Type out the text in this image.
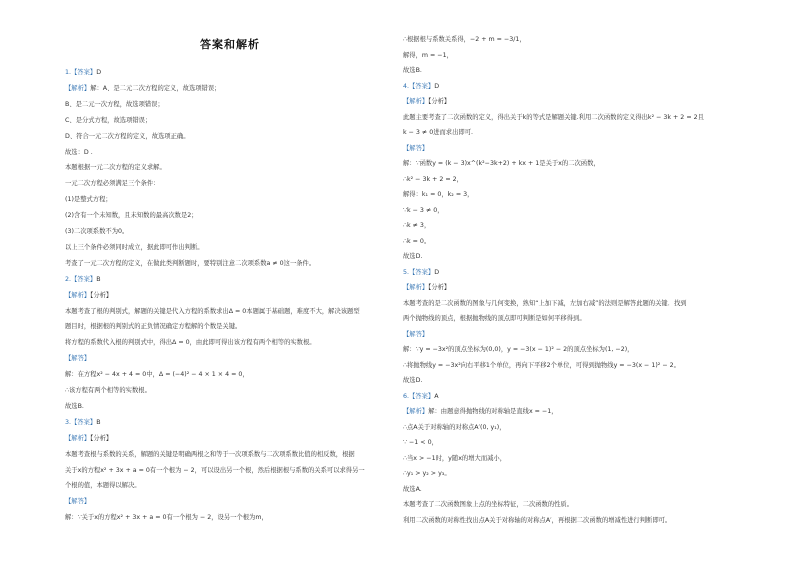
答案和解析
1.【答案】D
【解析】解：A、是二元二次方程的定义，故选项错误；
B、是二元一次方程，故选项错误；
C、是分式方程，故选项错误；
D、符合一元二次方程的定义，故选项正确。
故选：D .
本题根据一元二次方程的定义求解。
一元二次方程必须满足三个条件：
(1)是整式方程；
(2)含有一个未知数，且未知数的最高次数是2；
(3)二次项系数不为0。
以上三个条件必须同时成立，据此即可作出判断。
考查了一元二次方程的定义，在做此类判断题时，要特别注意二次项系数a ≠ 0这一条件。
2.【答案】B
【解析】【分析】
本题考查了根的判别式，解题的关键是代入方程的系数求出Δ = 0本题属于基础题，难度不大，解决该题型
题目时，根据根的判别式的正负情况确定方程解的个数是关键。
将方程的系数代入根的判别式中，得出Δ = 0，由此即可得出该方程有两个相等的实数根。
【解答】
解：在方程x² − 4x + 4 = 0中，Δ = (−4)² − 4 × 1 × 4 = 0，
∴该方程有两个相等的实数根。
故选B.
3.【答案】B
【解析】【分析】
本题考查根与系数的关系，解题的关键是明确两根之和等于一次项系数与二次项系数比值的相反数，根据
关于x的方程x² + 3x + a = 0有一个根为 − 2，可以设出另一个根，然后根据根与系数的关系可以求得另一
个根的值，本题得以解决。
【解答】
解：∵关于x的方程x² + 3x + a = 0有一个根为 − 2，设另一个根为m，
∴根据根与系数关系得，−2 + m = −3/1，
解得，m = −1，
故选B.
4.【答案】D
【解析】【分析】
此题主要考查了二次函数的定义，得出关于k的等式是解题关键.利用二次函数的定义得出k² − 3k + 2 = 2且
k − 3 ≠ 0进而求出即可.
【解答】
解：∵函数y = (k − 3)x^(k²−3k+2) + kx + 1是关于x的二次函数，
∴k² − 3k + 2 = 2，
解得：k₁ = 0，k₂ = 3，
∵k − 3 ≠ 0，
∴k ≠ 3，
∴k = 0。
故选D.
5.【答案】D
【解析】【分析】
本题考查的是二次函数的图象与几何变换，熟知“上加下减，左加右减”的法则是解答此题的关键．找到
两个抛物线的顶点，根据抛物线的顶点即可判断是如何平移得到。
【解答】
解：∵y = −3x²的顶点坐标为(0,0)，y = −3(x − 1)² − 2的顶点坐标为(1, −2)，
∴将抛物线y = −3x²向右平移1个单位，再向下平移2个单位，可得到抛物线y = −3(x − 1)² − 2。
故选D.
6.【答案】A
【解析】解：由题意得抛物线的对称轴是直线x = −1，
∴点A关于对称轴的对称点A′(0, y₁)，
∵ −1 < 0，
∴当x > −1时，y随x的增大而减小，
∴y₁ > y₂ > y₃。
故选A.
本题考查了二次函数图象上点的坐标特征，二次函数的性质。
利用二次函数的对称性找出点A关于对称轴的对称点A′，再根据二次函数的增减性进行判断即可。
